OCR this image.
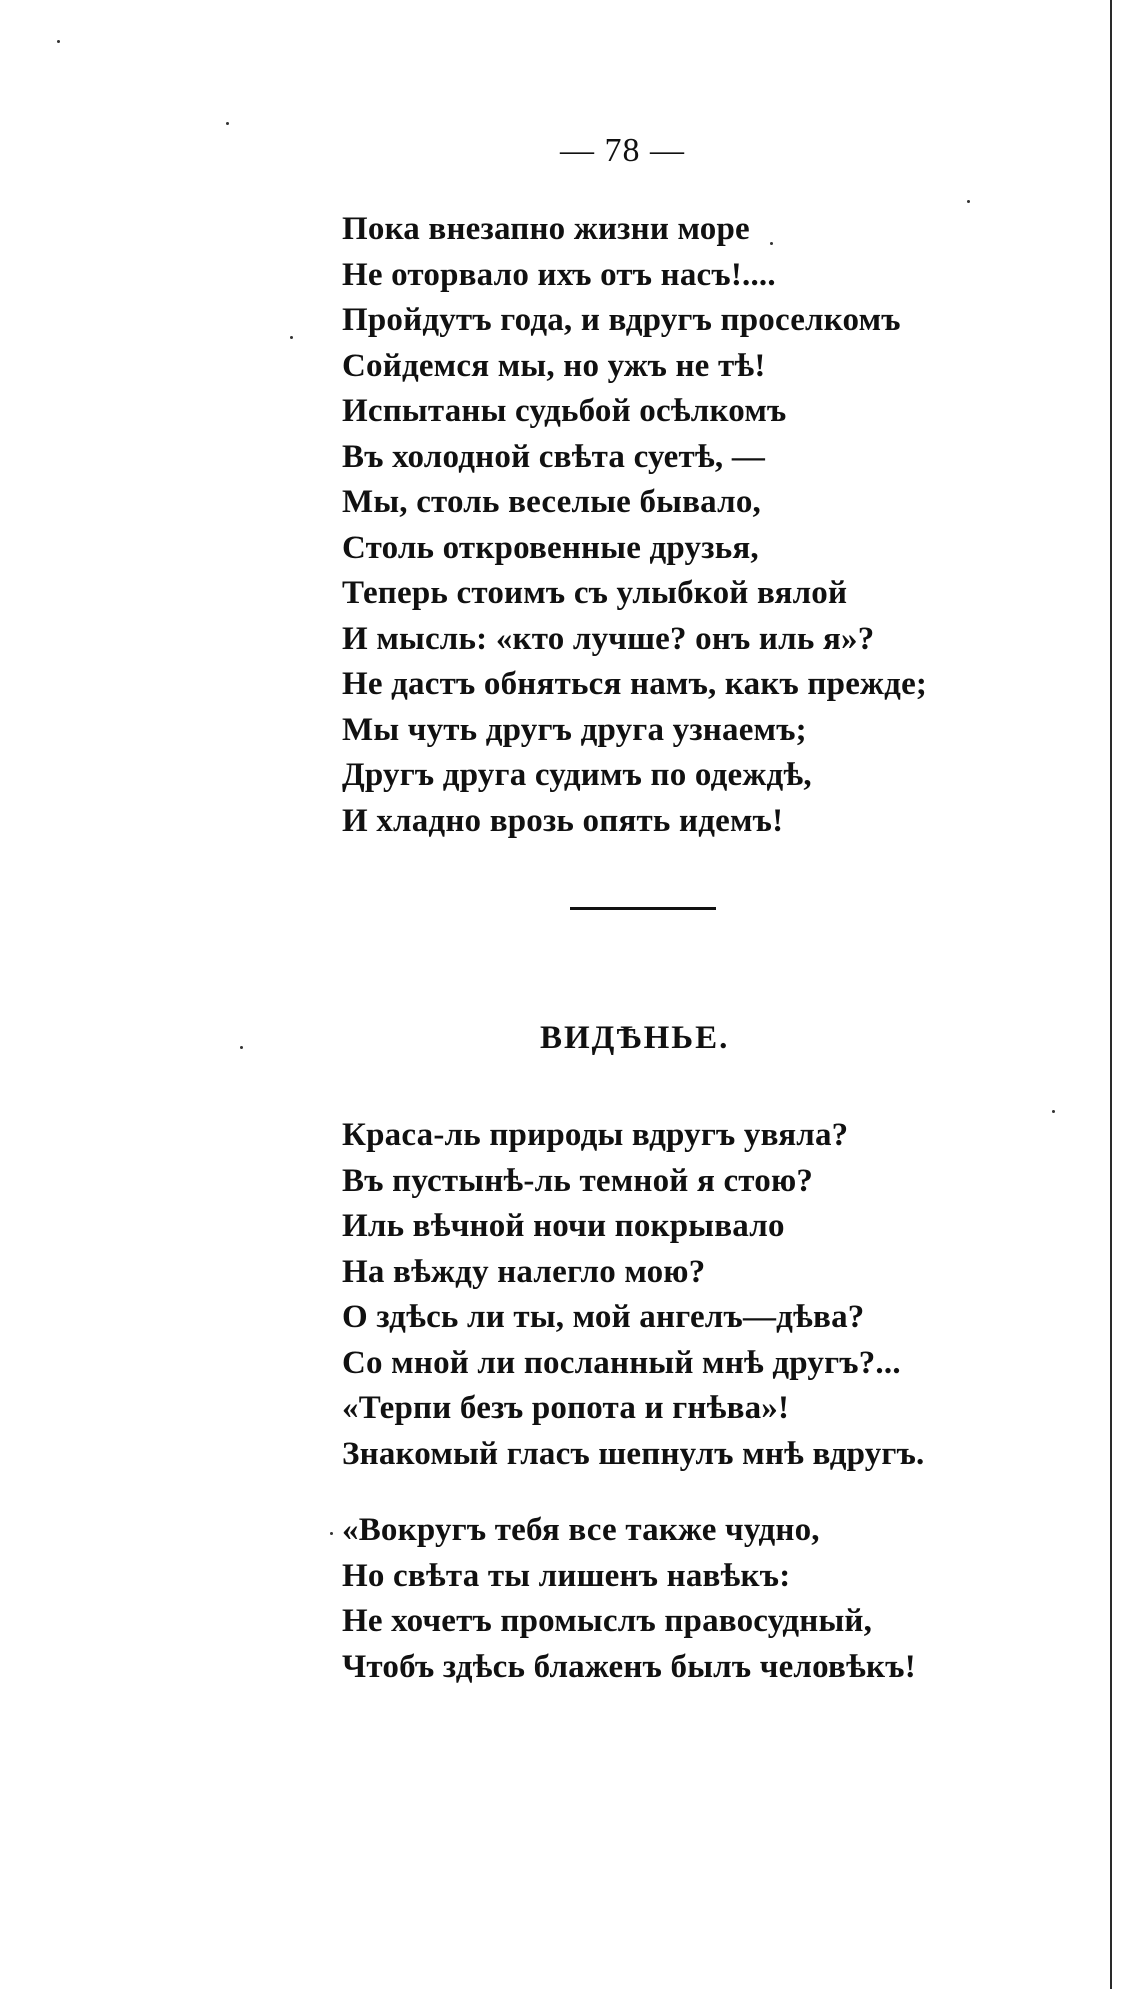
— 78 —
Пока внезапно жизни море
Не оторвало ихъ отъ насъ!....
Пройдутъ года, и вдругъ проселкомъ
Сойдемся мы, но ужъ не тѣ!
Испытаны судьбой осѣлкомъ
Въ холодной свѣта суетѣ, —
Мы, столь веселые бывало,
Столь откровенные друзья,
Теперь стоимъ съ улыбкой вялой
И мысль: «кто лучше? онъ иль я»?
Не дастъ обняться намъ, какъ прежде;
Мы чуть другъ друга узнаемъ;
Другъ друга судимъ по одеждѣ,
И хладно врозь опять идемъ!
ВИДѢНЬЕ.
Краса-ль природы вдругъ увяла?
Въ пустынѣ-ль темной я стою?
Иль вѣчной ночи покрывало
На вѣжду налегло мою?
О здѣсь ли ты, мой ангелъ—дѣва?
Со мной ли посланный мнѣ другъ?...
«Терпи безъ ропота и гнѣва»!
Знакомый гласъ шепнулъ мнѣ вдругъ.
«Вокругъ тебя все также чудно,
Но свѣта ты лишенъ навѣкъ:
Не хочетъ промыслъ правосудный,
Чтобъ здѣсь блаженъ былъ человѣкъ!
